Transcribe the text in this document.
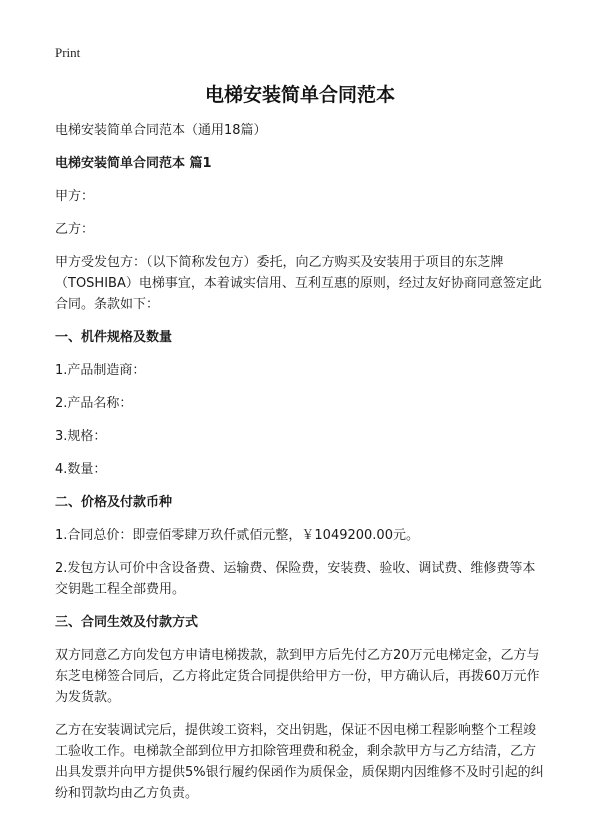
Print
电梯安装简单合同范本
电梯安装简单合同范本（通用18篇）
电梯安装简单合同范本 篇1
甲方：
乙方：
甲方受发包方：（以下简称发包方）委托，向乙方购买及安装用于项目的东芝牌（TOSHIBA）电梯事宜，本着诚实信用、互利互惠的原则，经过友好协商同意签定此合同。条款如下：
一、机件规格及数量
1.产品制造商：
2.产品名称：
3.规格：
4.数量：
二、价格及付款币种
1.合同总价：即壹佰零肆万玖仟贰佰元整，￥1049200.00元。
2.发包方认可价中含设备费、运输费、保险费，安装费、验收、调试费、维修费等本交钥匙工程全部费用。
三、合同生效及付款方式
双方同意乙方向发包方申请电梯拨款，款到甲方后先付乙方20万元电梯定金，乙方与东芝电梯签合同后，乙方将此定货合同提供给甲方一份，甲方确认后，再拨60万元作为发货款。
乙方在安装调试完后，提供竣工资料，交出钥匙，保证不因电梯工程影响整个工程竣工验收工作。电梯款全部到位甲方扣除管理费和税金，剩余款甲方与乙方结清，乙方出具发票并向甲方提供5%银行履约保函作为质保金，质保期内因维修不及时引起的纠纷和罚款均由乙方负责。
